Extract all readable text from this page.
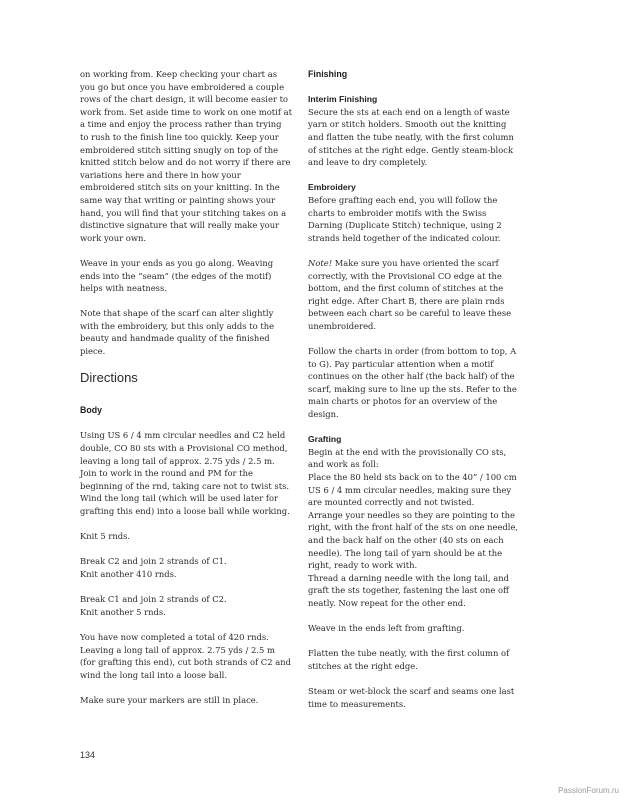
on working from. Keep checking your chart as you go but once you have embroidered a couple rows of the chart design, it will become easier to work from. Set aside time to work on one motif at a time and enjoy the process rather than trying to rush to the finish line too quickly. Keep your embroidered stitch sitting snugly on top of the knitted stitch below and do not worry if there are variations here and there in how your embroidered stitch sits on your knitting. In the same way that writing or painting shows your hand, you will find that your stitching takes on a distinctive signature that will really make your work your own.

Weave in your ends as you go along. Weaving ends into the “seam” (the edges of the motif) helps with neatness.

Note that shape of the scarf can alter slightly with the embroidery, but this only adds to the beauty and handmade quality of the finished piece.

Directions
Body

Using US 6 / 4 mm circular needles and C2 held double, CO 80 sts with a Provisional CO method, leaving a long tail of approx. 2.75 yds / 2.5 m. Join to work in the round and PM for the beginning of the rnd, taking care not to twist sts. Wind the long tail (which will be used later for grafting this end) into a loose ball while working.

Knit 5 rnds.

Break C2 and join 2 strands of C1.

Knit another 410 rnds.

Break C1 and join 2 strands of C2.

Knit another 5 rnds.

You have now completed a total of 420 rnds. Leaving a long tail of approx. 2.75 yds / 2.5 m (for grafting this end), cut both strands of C2 and wind the long tail into a loose ball.

Make sure your markers are still in place.

Finishing
Interim Finishing

Secure the sts at each end on a length of waste yarn or stitch holders. Smooth out the knitting and flatten the tube neatly, with the first column of stitches at the right edge. Gently steam-block and leave to dry completely.

Embroidery

Before grafting each end, you will follow the charts to embroider motifs with the Swiss Darning (Duplicate Stitch) technique, using 2 strands held together of the indicated colour.

Note! Make sure you have oriented the scarf correctly, with the Provisional CO edge at the bottom, and the first column of stitches at the right edge. After Chart B, there are plain rnds between each chart so be careful to leave these unembroidered.

Follow the charts in order (from bottom to top, A to G). Pay particular attention when a motif continues on the other half (the back half) of the scarf, making sure to line up the sts. Refer to the main charts or photos for an overview of the design.

Grafting

Begin at the end with the provisionally CO sts, and work as foll:

Place the 80 held sts back on to the 40” / 100 cm US 6 / 4 mm circular needles, making sure they are mounted correctly and not twisted.

Arrange your needles so they are pointing to the right, with the front half of the sts on one needle, and the back half on the other (40 sts on each needle). The long tail of yarn should be at the right, ready to work with.

Thread a darning needle with the long tail, and graft the sts together, fastening the last one off neatly. Now repeat for the other end.

Weave in the ends left from grafting.

Flatten the tube neatly, with the first column of stitches at the right edge.

Steam or wet-block the scarf and seams one last time to measurements.

134
PassionForum.ru
